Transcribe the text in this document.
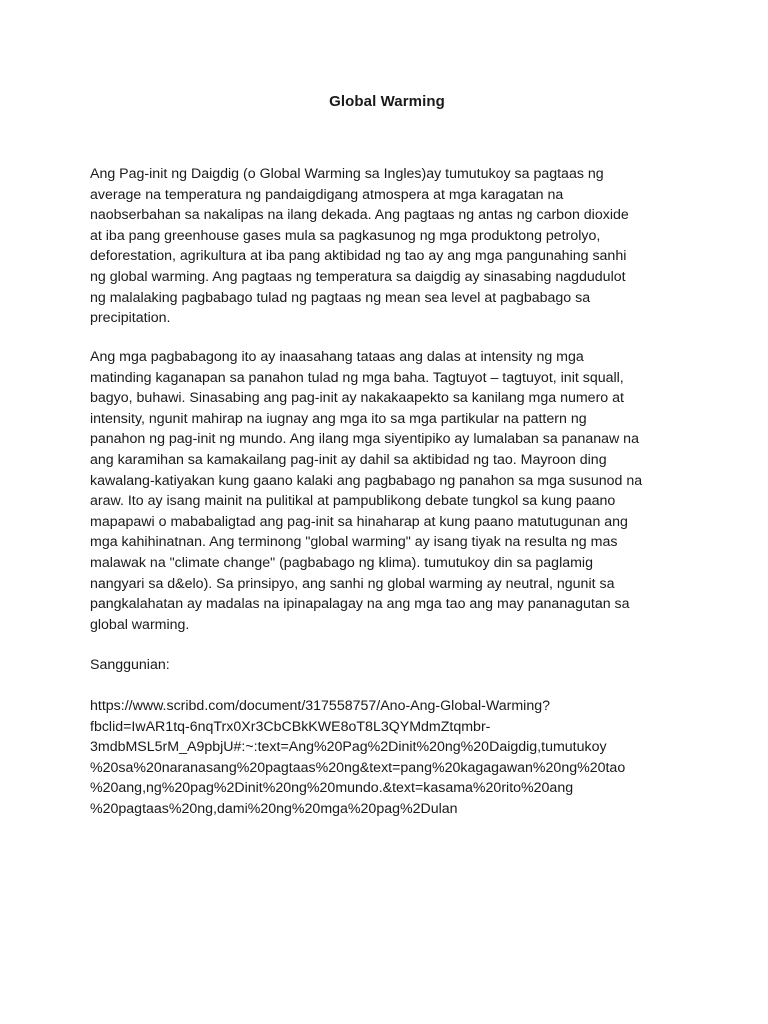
Global Warming

Ang Pag-init ng Daigdig (o Global Warming sa Ingles)ay tumutukoy sa pagtaas ng
average na temperatura ng pandaigdigang atmospera at mga karagatan na
naobserbahan sa nakalipas na ilang dekada. Ang pagtaas ng antas ng carbon dioxide
at iba pang greenhouse gases mula sa pagkasunog ng mga produktong petrolyo,
deforestation, agrikultura at iba pang aktibidad ng tao ay ang mga pangunahing sanhi
ng global warming. Ang pagtaas ng temperatura sa daigdig ay sinasabing nagdudulot
ng malalaking pagbabago tulad ng pagtaas ng mean sea level at pagbabago sa
precipitation.

Ang mga pagbabagong ito ay inaasahang tataas ang dalas at intensity ng mga
matinding kaganapan sa panahon tulad ng mga baha. Tagtuyot – tagtuyot, init squall,
bagyo, buhawi. Sinasabing ang pag-init ay nakakaapekto sa kanilang mga numero at
intensity, ngunit mahirap na iugnay ang mga ito sa mga partikular na pattern ng
panahon ng pag-init ng mundo. Ang ilang mga siyentipiko ay lumalaban sa pananaw na
ang karamihan sa kamakailang pag-init ay dahil sa aktibidad ng tao. Mayroon ding
kawalang-katiyakan kung gaano kalaki ang pagbabago ng panahon sa mga susunod na
araw. Ito ay isang mainit na pulitikal at pampublikong debate tungkol sa kung paano
mapapawi o mababaligtad ang pag-init sa hinaharap at kung paano matutugunan ang
mga kahihinatnan. Ang terminong "global warming" ay isang tiyak na resulta ng mas
malawak na "climate change" (pagbabago ng klima). tumutukoy din sa paglamig
nangyari sa d&elo). Sa prinsipyo, ang sanhi ng global warming ay neutral, ngunit sa
pangkalahatan ay madalas na ipinapalagay na ang mga tao ang may pananagutan sa
global warming.

Sanggunian:

https://www.scribd.com/document/317558757/Ano-Ang-Global-Warming?
fbclid=IwAR1tq-6nqTrx0Xr3CbCBkKWE8oT8L3QYMdmZtqmbr-
3mdbMSL5rM_A9pbjU#:~:text=Ang%20Pag%2Dinit%20ng%20Daigdig,tumutukoy
%20sa%20naranasang%20pagtaas%20ng&text=pang%20kagagawan%20ng%20tao
%20ang,ng%20pag%2Dinit%20ng%20mundo.&text=kasama%20rito%20ang
%20pagtaas%20ng,dami%20ng%20mga%20pag%2Dulan
